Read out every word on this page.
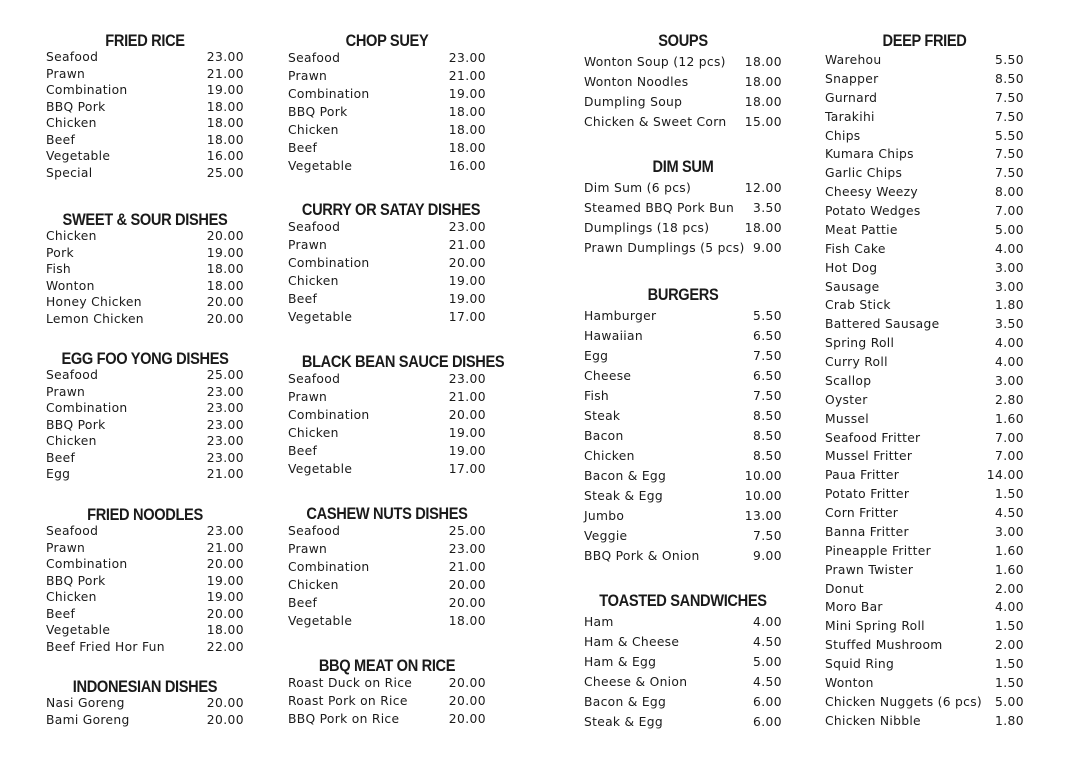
FRIED RICE
Seafood	23.00
Prawn	21.00
Combination	19.00
BBQ Pork	18.00
Chicken	18.00
Beef	18.00
Vegetable	16.00
Special	25.00
SWEET & SOUR DISHES
Chicken	20.00
Pork	19.00
Fish	18.00
Wonton	18.00
Honey Chicken	20.00
Lemon Chicken	20.00
EGG FOO YONG DISHES
Seafood	25.00
Prawn	23.00
Combination	23.00
BBQ Pork	23.00
Chicken	23.00
Beef	23.00
Egg	21.00
FRIED NOODLES
Seafood	23.00
Prawn	21.00
Combination	20.00
BBQ Pork	19.00
Chicken	19.00
Beef	20.00
Vegetable	18.00
Beef Fried Hor Fun	22.00
INDONESIAN DISHES
Nasi Goreng	20.00
Bami Goreng	20.00
CHOP SUEY
Seafood	23.00
Prawn	21.00
Combination	19.00
BBQ Pork	18.00
Chicken	18.00
Beef	18.00
Vegetable	16.00
CURRY OR SATAY DISHES
Seafood	23.00
Prawn	21.00
Combination	20.00
Chicken	19.00
Beef	19.00
Vegetable	17.00
BLACK BEAN SAUCE DISHES
Seafood	23.00
Prawn	21.00
Combination	20.00
Chicken	19.00
Beef	19.00
Vegetable	17.00
CASHEW NUTS DISHES
Seafood	25.00
Prawn	23.00
Combination	21.00
Chicken	20.00
Beef	20.00
Vegetable	18.00
BBQ MEAT ON RICE
Roast Duck on Rice	20.00
Roast Pork on Rice	20.00
BBQ Pork on Rice	20.00
SOUPS
Wonton Soup (12 pcs) 18.00
Wonton Noodles	18.00
Dumpling Soup	18.00
Chicken & Sweet Corn 15.00
DIM SUM
Dim Sum (6 pcs)	12.00
Steamed BBQ Pork Bun 3.50
Dumplings (18 pcs)	18.00
Prawn Dumplings (5 pcs) 9.00
BURGERS
Hamburger	5.50
Hawaiian	6.50
Egg	7.50
Cheese	6.50
Fish	7.50
Steak	8.50
Bacon	8.50
Chicken	8.50
Bacon & Egg	10.00
Steak & Egg	10.00
Jumbo	13.00
Veggie	7.50
BBQ Pork & Onion	9.00
TOASTED SANDWICHES
Ham	4.00
Ham & Cheese	4.50
Ham & Egg	5.00
Cheese & Onion	4.50
Bacon & Egg	6.00
Steak & Egg	6.00
DEEP FRIED
Warehou	5.50
Snapper	8.50
Gurnard	7.50
Tarakihi	7.50
Chips	5.50
Kumara Chips	7.50
Garlic Chips	7.50
Cheesy Weezy	8.00
Potato Wedges	7.00
Meat Pattie	5.00
Fish Cake	4.00
Hot Dog	3.00
Sausage	3.00
Crab Stick	1.80
Battered Sausage	3.50
Spring Roll	4.00
Curry Roll	4.00
Scallop	3.00
Oyster	2.80
Mussel	1.60
Seafood Fritter	7.00
Mussel Fritter	7.00
Paua Fritter	14.00
Potato Fritter	1.50
Corn Fritter	4.50
Banna Fritter	3.00
Pineapple Fritter	1.60
Prawn Twister	1.60
Donut	2.00
Moro Bar	4.00
Mini Spring Roll	1.50
Stuffed Mushroom	2.00
Squid Ring	1.50
Wonton	1.50
Chicken Nuggets (6 pcs) 5.00
Chicken Nibble	1.80
